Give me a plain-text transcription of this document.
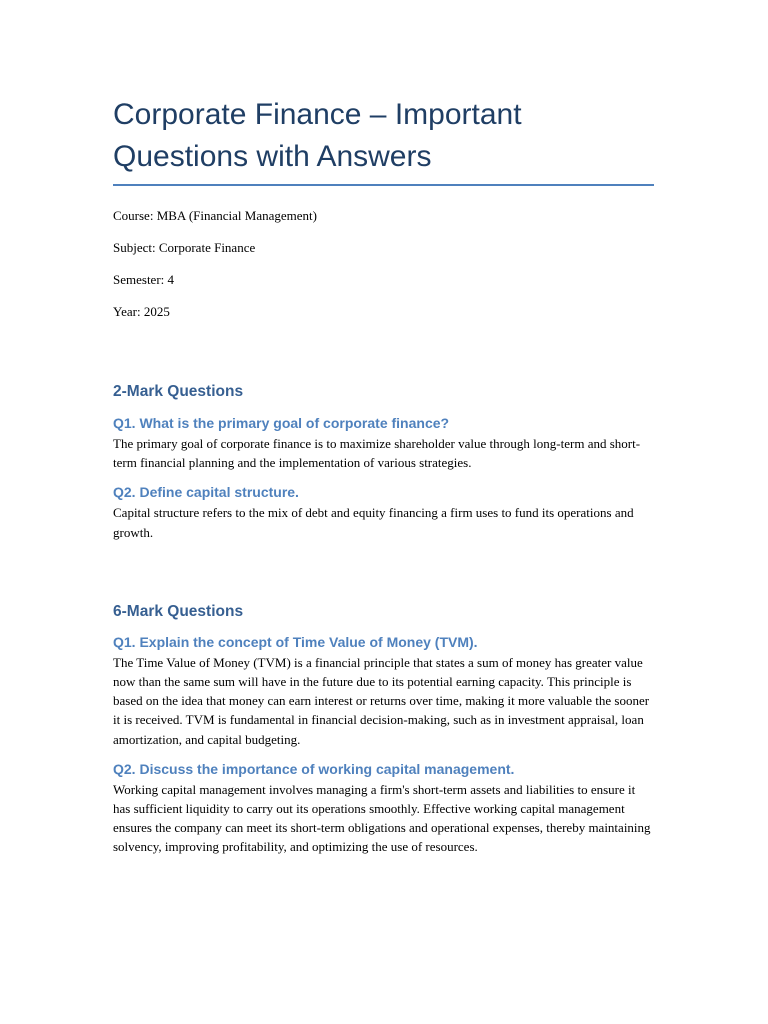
Corporate Finance – Important Questions with Answers

Course: MBA (Financial Management)

Subject: Corporate Finance

Semester: 4

Year: 2025

2-Mark Questions
Q1. What is the primary goal of corporate finance?

The primary goal of corporate finance is to maximize shareholder value through long-term and short-term financial planning and the implementation of various strategies.

Q2. Define capital structure.

Capital structure refers to the mix of debt and equity financing a firm uses to fund its operations and growth.

6-Mark Questions
Q1. Explain the concept of Time Value of Money (TVM).

The Time Value of Money (TVM) is a financial principle that states a sum of money has greater value now than the same sum will have in the future due to its potential earning capacity. This principle is based on the idea that money can earn interest or returns over time, making it more valuable the sooner it is received. TVM is fundamental in financial decision-making, such as in investment appraisal, loan amortization, and capital budgeting.

Q2. Discuss the importance of working capital management.

Working capital management involves managing a firm's short-term assets and liabilities to ensure it has sufficient liquidity to carry out its operations smoothly. Effective working capital management ensures the company can meet its short-term obligations and operational expenses, thereby maintaining solvency, improving profitability, and optimizing the use of resources.
